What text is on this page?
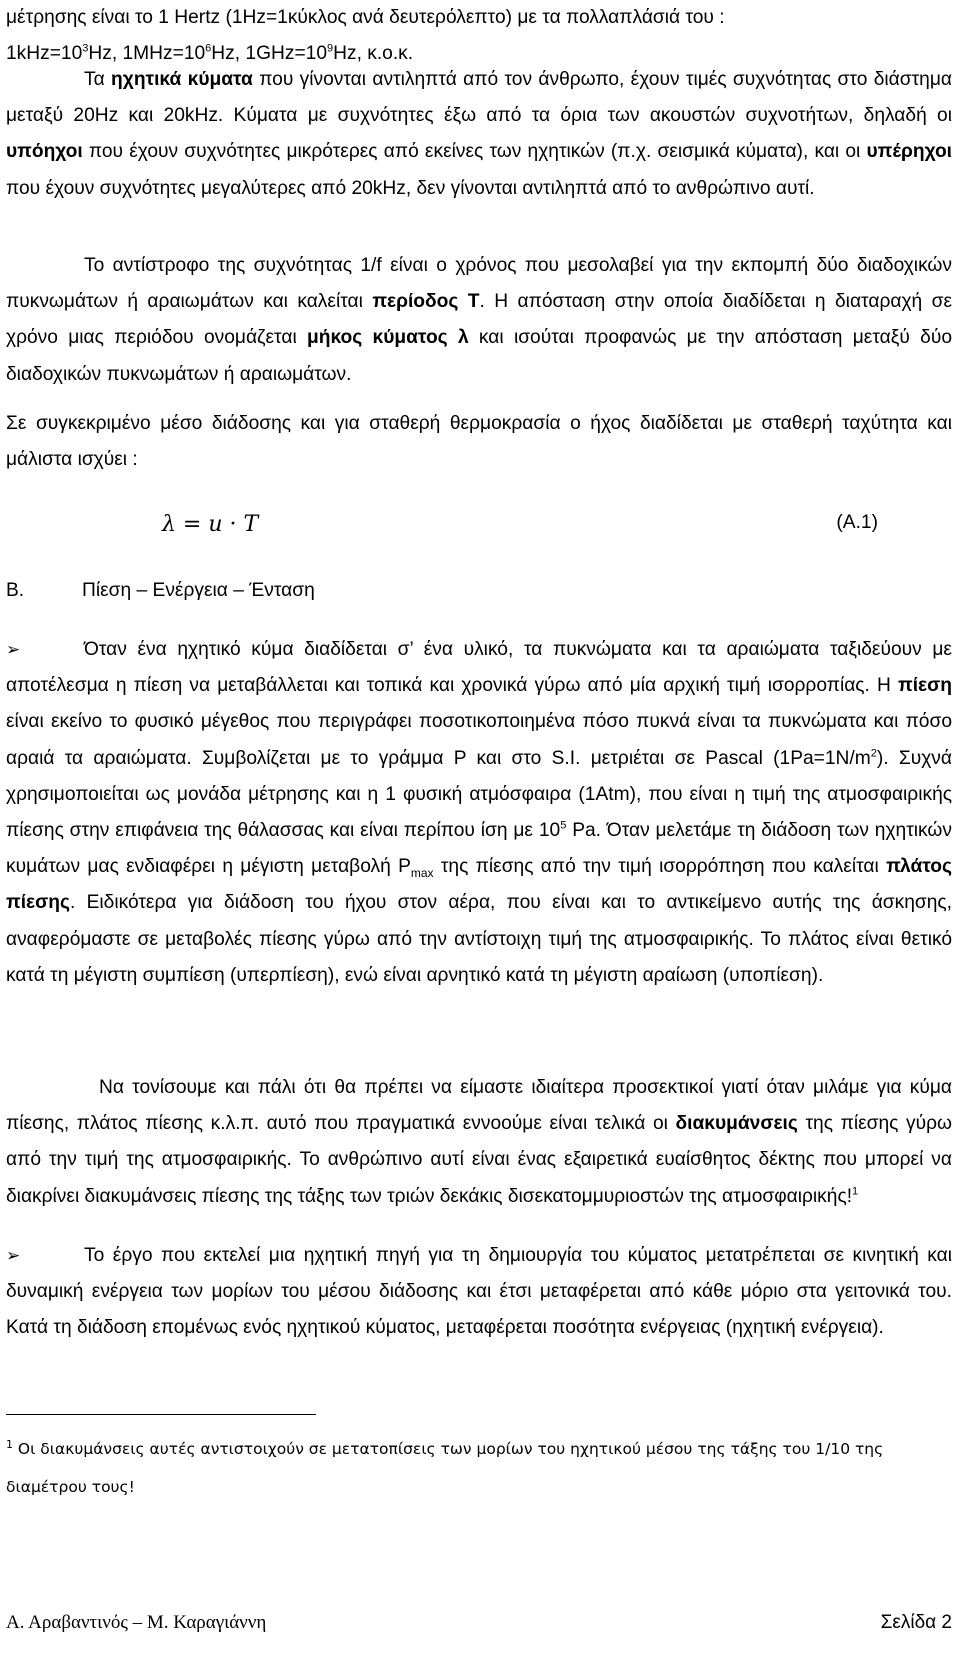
μέτρησης είναι το 1 Hertz (1Hz=1κύκλος ανά δευτερόλεπτο) με τα πολλαπλάσιά του :

$1kHz=10^3Hz$, $1MHz=10^6Hz$, $1GHz=10^9Hz$, κ.ο.κ.

Τα ηχητικά κύματα που γίνονται αντιληπτά από τον άνθρωπο, έχουν τιμές συχνότητας στο διάστημα μεταξύ 20Hz και 20kHz. Κύματα με συχνότητες έξω από τα όρια των ακουστών συχνοτήτων, δηλαδή οι υπόηχοι που έχουν συχνότητες μικρότερες από εκείνες των ηχητικών (π.χ. σεισμικά κύματα), και οι υπέρηχοι που έχουν συχνότητες μεγαλύτερες από 20kHz, δεν γίνονται αντιληπτά από το ανθρώπινο αυτί.

Το αντίστροφο της συχνότητας 1/f είναι ο χρόνος που μεσολαβεί για την εκπομπή δύο διαδοχικών πυκνωμάτων ή αραιωμάτων και καλείται περίοδος Τ. Η απόσταση στην οποία διαδίδεται η διαταραχή σε χρόνο μιας περιόδου ονομάζεται μήκος κύματος λ και ισούται προφανώς με την απόσταση μεταξύ δύο διαδοχικών πυκνωμάτων ή αραιωμάτων.

Σε συγκεκριμένο μέσο διάδοσης και για σταθερή θερμοκρασία ο ήχος διαδίδεται με σταθερή ταχύτητα και μάλιστα ισχύει :

λ = u · T	(A.1)
B.	Πίεση – Ενέργεια – Ένταση

➢	Όταν ένα ηχητικό κύμα διαδίδεται σ’ ένα υλικό, τα πυκνώματα και τα αραιώματα ταξιδεύουν με αποτέλεσμα η πίεση να μεταβάλλεται και τοπικά και χρονικά γύρω από μία αρχική τιμή ισορροπίας. Η πίεση είναι εκείνο το φυσικό μέγεθος που περιγράφει ποσοτικοποιημένα πόσο πυκνά είναι τα πυκνώματα και πόσο αραιά τα αραιώματα. Συμβολίζεται με το γράμμα P και στο S.I. μετριέται σε Pascal $(1Pa=1N/m^2)$. Συχνά χρησιμοποιείται ως μονάδα μέτρησης και η 1 φυσική ατμόσφαιρα (1Atm), που είναι η τιμή της ατμοσφαιρικής πίεσης στην επιφάνεια της θάλασσας και είναι περίπου ίση με $10^5$ Pa. Όταν μελετάμε τη διάδοση των ηχητικών κυμάτων μας ενδιαφέρει η μέγιστη μεταβολή $P_{max}$ της πίεσης από την τιμή ισορρόπηση που καλείται πλάτος πίεσης. Ειδικότερα για διάδοση του ήχου στον αέρα, που είναι και το αντικείμενο αυτής της άσκησης, αναφερόμαστε σε μεταβολές πίεσης γύρω από την αντίστοιχη τιμή της ατμοσφαιρικής. Το πλάτος είναι θετικό κατά τη μέγιστη συμπίεση (υπερπίεση), ενώ είναι αρνητικό κατά τη μέγιστη αραίωση (υποπίεση).

Να τονίσουμε και πάλι ότι θα πρέπει να είμαστε ιδιαίτερα προσεκτικοί γιατί όταν μιλάμε για κύμα πίεσης, πλάτος πίεσης κ.λ.π. αυτό που πραγματικά εννοούμε είναι τελικά οι διακυμάνσεις της πίεσης γύρω από την τιμή της ατμοσφαιρικής. Το ανθρώπινο αυτί είναι ένας εξαιρετικά ευαίσθητος δέκτης που μπορεί να διακρίνει διακυμάνσεις πίεσης της τάξης των τριών δεκάκις δισεκατομμυριοστών της ατμοσφαιρικής!$^1$

➢	Το έργο που εκτελεί μια ηχητική πηγή για τη δημιουργία του κύματος μετατρέπεται σε κινητική και δυναμική ενέργεια των μορίων του μέσου διάδοσης και έτσι μεταφέρεται από κάθε μόριο στα γειτονικά του. Κατά τη διάδοση επομένως ενός ηχητικού κύματος, μεταφέρεται ποσότητα ενέργειας (ηχητική ενέργεια).

$^1$ Οι διακυμάνσεις αυτές αντιστοιχούν σε μετατοπίσεις των μορίων του ηχητικού μέσου της τάξης του 1/10 της διαμέτρου τους!
Α. Αραβαντινός – Μ. Καραγιάννη	Σελίδα 2
